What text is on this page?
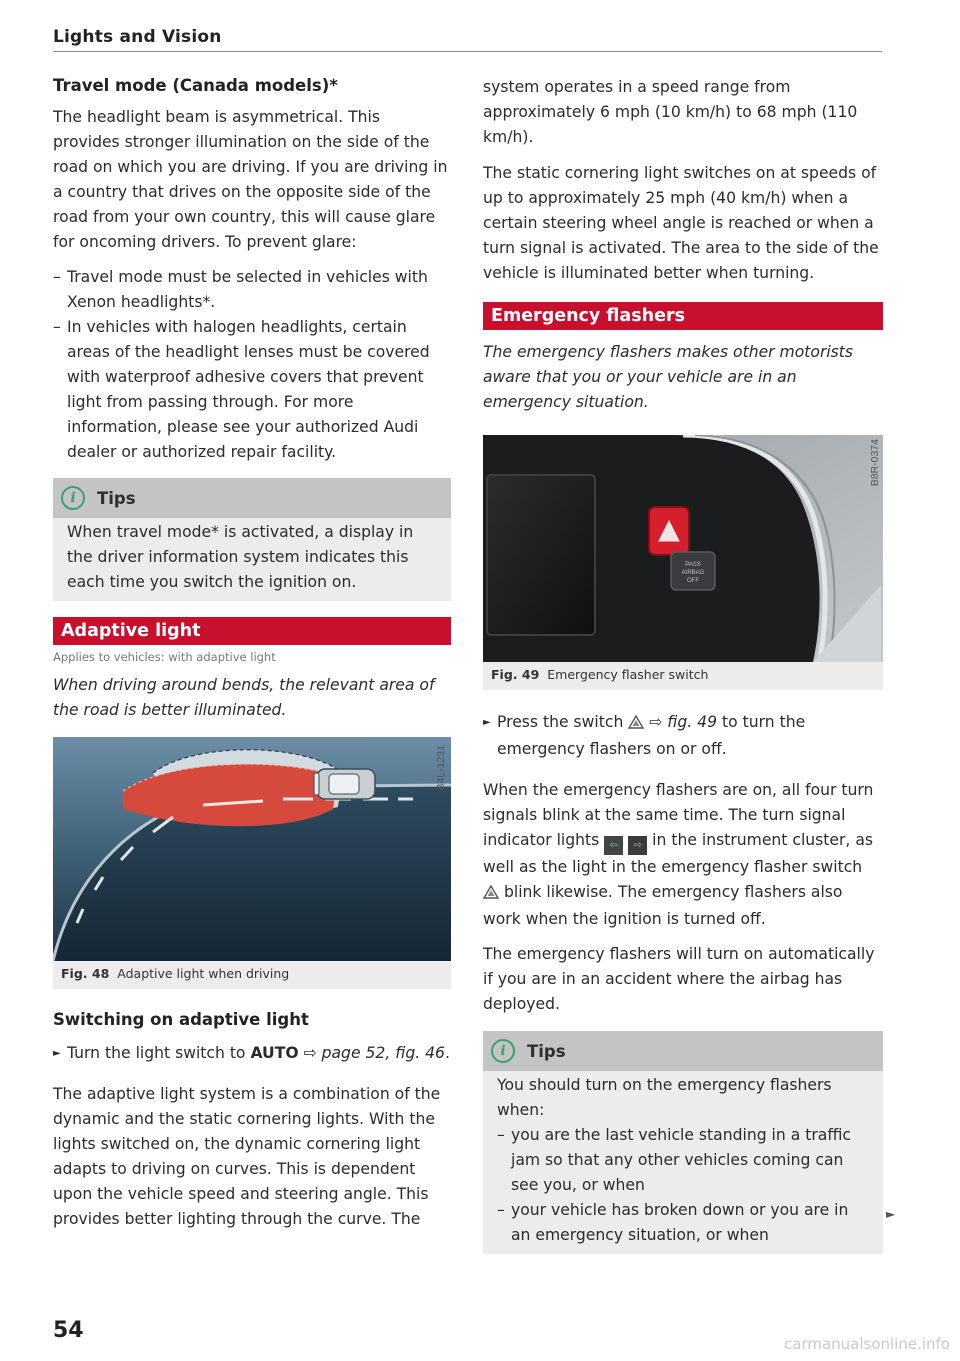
Lights and Vision
Travel mode (Canada models)*

The headlight beam is asymmetrical. This provides stronger illumination on the side of the road on which you are driving. If you are driving in a country that drives on the opposite side of the road from your own country, this will cause glare for oncoming drivers. To prevent glare:

– Travel mode must be selected in vehicles with Xenon headlights*.
– In vehicles with halogen headlights, certain areas of the headlight lenses must be covered with waterproof adhesive covers that prevent light from passing through. For more information, please see your authorized Audi dealer or authorized repair facility.
i	Tips

When travel mode* is activated, a display in the driver information system indicates this each time you switch the ignition on.

Adaptive light
Applies to vehicles: with adaptive light

When driving around bends, the relevant area of the road is better illuminated.

B4L-1231
Fig. 48 Adaptive light when driving
Switching on adaptive light
► Turn the light switch to AUTO ⇨ page 52, fig. 46.

The adaptive light system is a combination of the dynamic and the static cornering lights. With the lights switched on, the dynamic cornering light adapts to driving on curves. This is dependent upon the vehicle speed and steering angle. This provides better lighting through the curve. The

system operates in a speed range from approximately 6 mph (10 km/h) to 68 mph (110 km/h).

The static cornering light switches on at speeds of up to approximately 25 mph (40 km/h) when a certain steering wheel angle is reached or when a turn signal is activated. The area to the side of the vehicle is illuminated better when turning.

Emergency flashers

The emergency flashers makes other motorists aware that you or your vehicle are in an emergency situation.

PASS
AIRBAG
OFF
B8R-0374
Fig. 49 Emergency flasher switch
► Press the switch  ⇨ fig. 49 to turn the emergency flashers on or off.

When the emergency flashers are on, all four turn signals blink at the same time. The turn signal indicator lights ⇦ ⇨ in the instrument cluster, as well as the light in the emergency flasher switch  blink likewise. The emergency flashers also work when the ignition is turned off.

The emergency flashers will turn on automatically if you are in an accident where the airbag has deployed.

i	Tips

You should turn on the emergency flashers when:

– you are the last vehicle standing in a traffic jam so that any other vehicles coming can see you, or when
– your vehicle has broken down or you are in an emergency situation, or when
►
54
carmanualsonline.info
